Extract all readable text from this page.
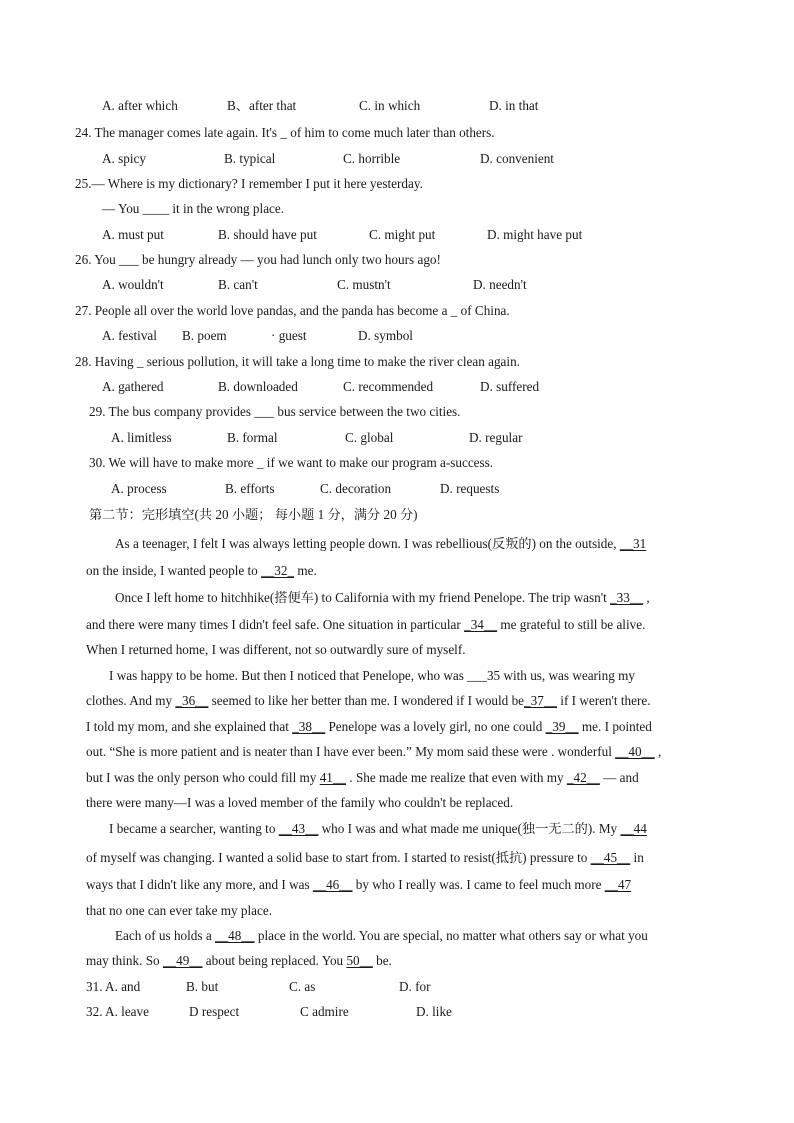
A. after which	B、after that	C. in which	D. in that
24. The manager comes late again. It's _ of him to come much later than others.
A. spicy	B. typical	C. horrible	D. convenient
25.— Where is my dictionary? I remember I put it here yesterday.
— You ____ it in the wrong place.
A. must put	B. should have put	C. might put	D. might have put
26. You ___ be hungry already — you had lunch only two hours ago!
A. wouldn't	B. can't	C. mustn't	D. needn't
27. People all over the world love pandas, and the panda has become a _ of China.
A. festival B. poem	· guest	D. symbol
28. Having _ serious pollution, it will take a long time to make the river clean again.
A. gathered	B. downloaded	C. recommended	D. suffered
29. The bus company provides ___ bus service between the two cities.
A. limitless	B. formal	C. global	D. regular
30. We will have to make more _ if we want to make our program a-success.
A. process	B. efforts	C. decoration	D. requests
第二节：完形填空(共 20 小题； 每小题 1 分，满分 20 分)
As a teenager, I felt I was always letting people down. I was rebellious(反叛的) on the outside, __31
on the inside, I wanted people to __32_ me.
Once I left home to hitchhike(搭便车) to California with my friend Penelope. The trip wasn't _33__ ,
and there were many times I didn't feel safe. One situation in particular _34__ me grateful to still be alive.
When I returned home, I was different, not so outwardly sure of myself.
I was happy to be home. But then I noticed that Penelope, who was ___35 with us, was wearing my
clothes. And my _36__ seemed to like her better than me. I wondered if I would be_37__ if I weren't there.
I told my mom, and she explained that _38__ Penelope was a lovely girl, no one could _39__ me. I pointed
out. “She is more patient and is neater than I have ever been.” My mom said these were . wonderful __40__ ,
but I was the only person who could fill my 41__ . She made me realize that even with my _42__ — and
there were many—I was a loved member of the family who couldn't be replaced.
I became a searcher, wanting to __43__ who I was and what made me unique(独一无二的). My __44
of myself was changing. I wanted a solid base to start from. I started to resist(抵抗) pressure to __45__ in
ways that I didn't like any more, and I was __46__ by who I really was. I came to feel much more __47
that no one can ever take my place.
Each of us holds a __48__ place in the world. You are special, no matter what others say or what you
may think. So __49__ about being replaced. You 50__ be.
31. A. and	B. but	C. as	D. for
32. A. leave	D respect	C admire	D. like
